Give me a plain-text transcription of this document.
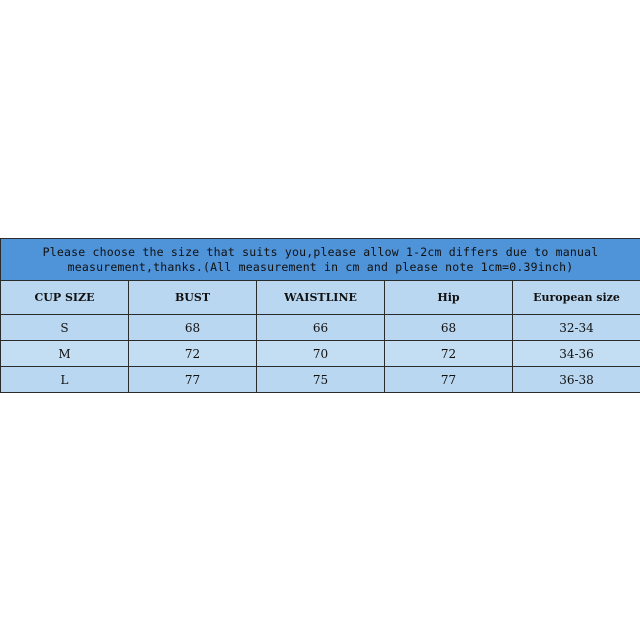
Please choose the size that suits you,please allow 1-2cm differs due to manual
measurement,thanks.(All measurement in cm and please note 1cm=0.39inch)				

CUP SIZE	BUST	WAISTLINE	Hip	European size
S	68	66	68	32-34
M	72	70	72	34-36
L	77	75	77	36-38
